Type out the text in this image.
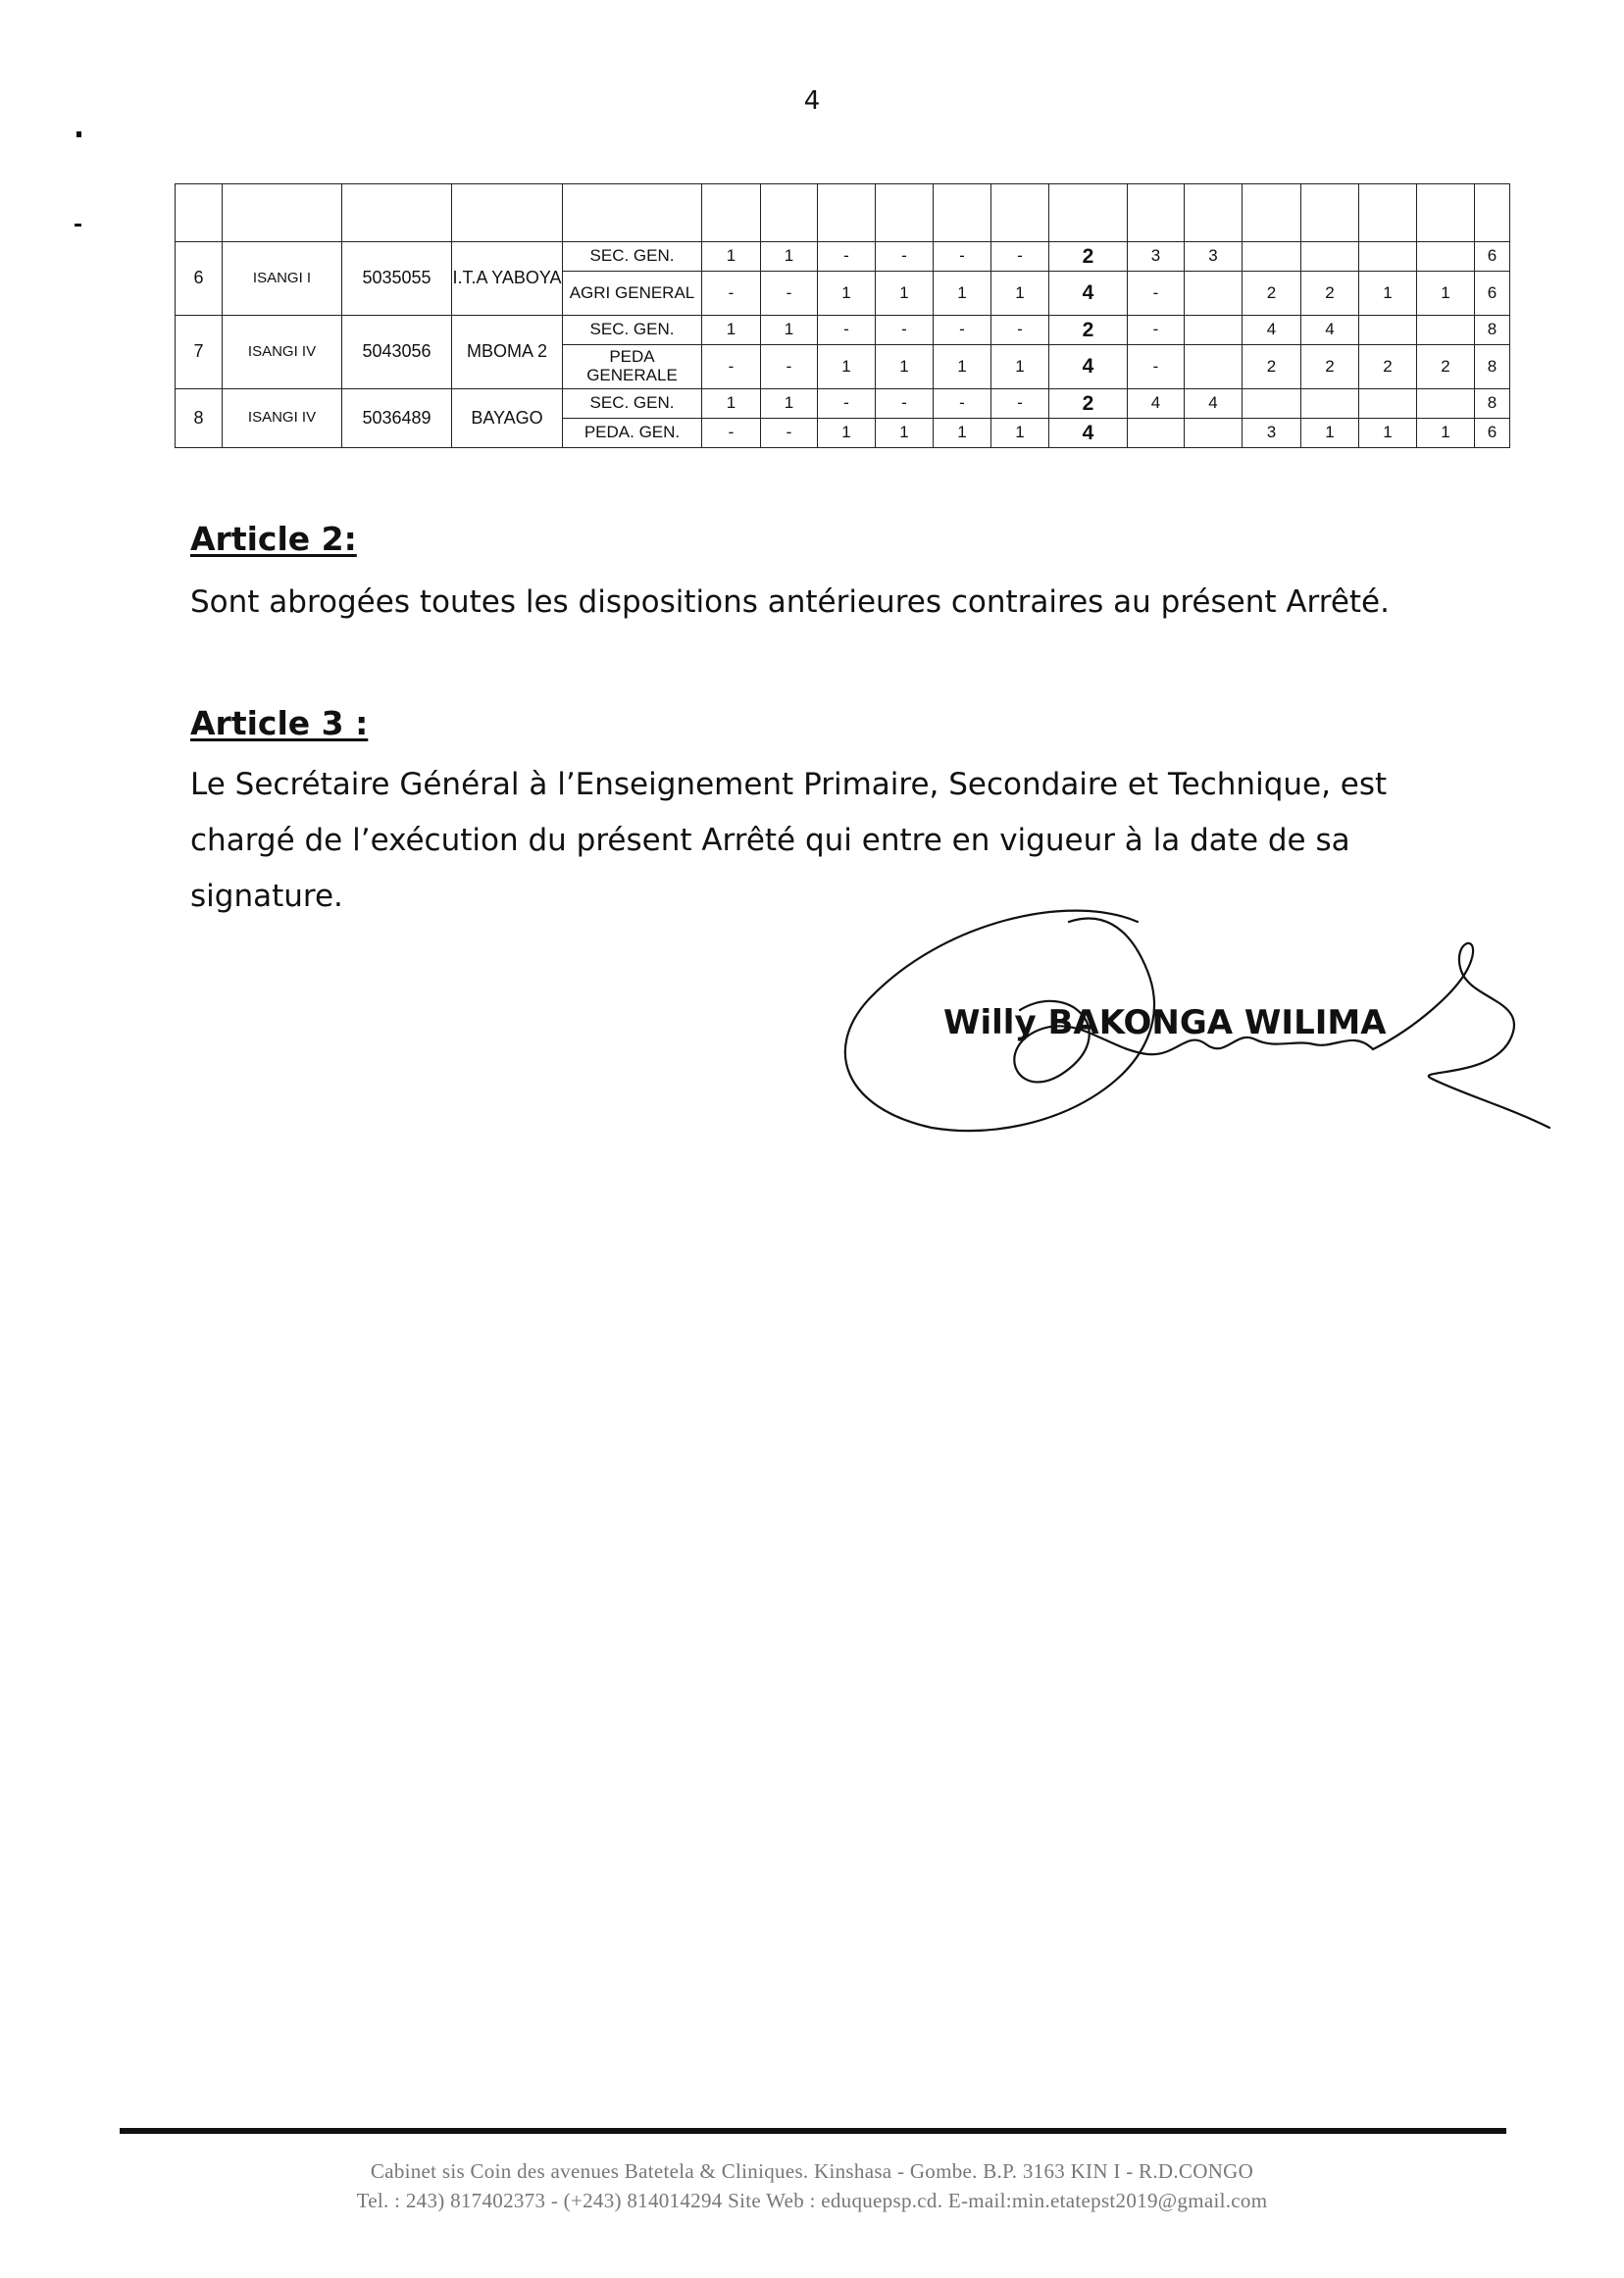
4

6	ISANGI I	5035055	I.T.A YABOYA	SEC. GEN.	1	1	-	-	-	-	2	3	3					6
				AGRI GENERAL	-	-	1	1	1	1	4	-		2	2	1	1	6
7	ISANGI IV	5043056	MBOMA 2	SEC. GEN.	1	1	-	-	-	-	2	-		4	4			8
				PEDA GENERALE	-	-	1	1	1	1	4	-		2	2	2	2	8
8	ISANGI IV	5036489	BAYAGO	SEC. GEN.	1	1	-	-	-	-	2	4	4					8
				PEDA. GEN.	-	-	1	1	1	1	4			3	1	1	1	6
Article 2:
Sont abrogées toutes les dispositions antérieures contraires au présent Arrêté.
Article 3 :
Le Secrétaire Général à l’Enseignement Primaire, Secondaire et Technique, est chargé de l’exécution du présent Arrêté qui entre en vigueur à la date de sa signature.
Willy BAKONGA WILIMA
Cabinet sis Coin des avenues Batetela & Cliniques. Kinshasa - Gombe. B.P. 3163 KIN I - R.D.CONGO
Tel. : 243) 817402373 - (+243) 814014294 Site Web : eduquepsp.cd. E-mail:min.etatepst2019@gmail.com
